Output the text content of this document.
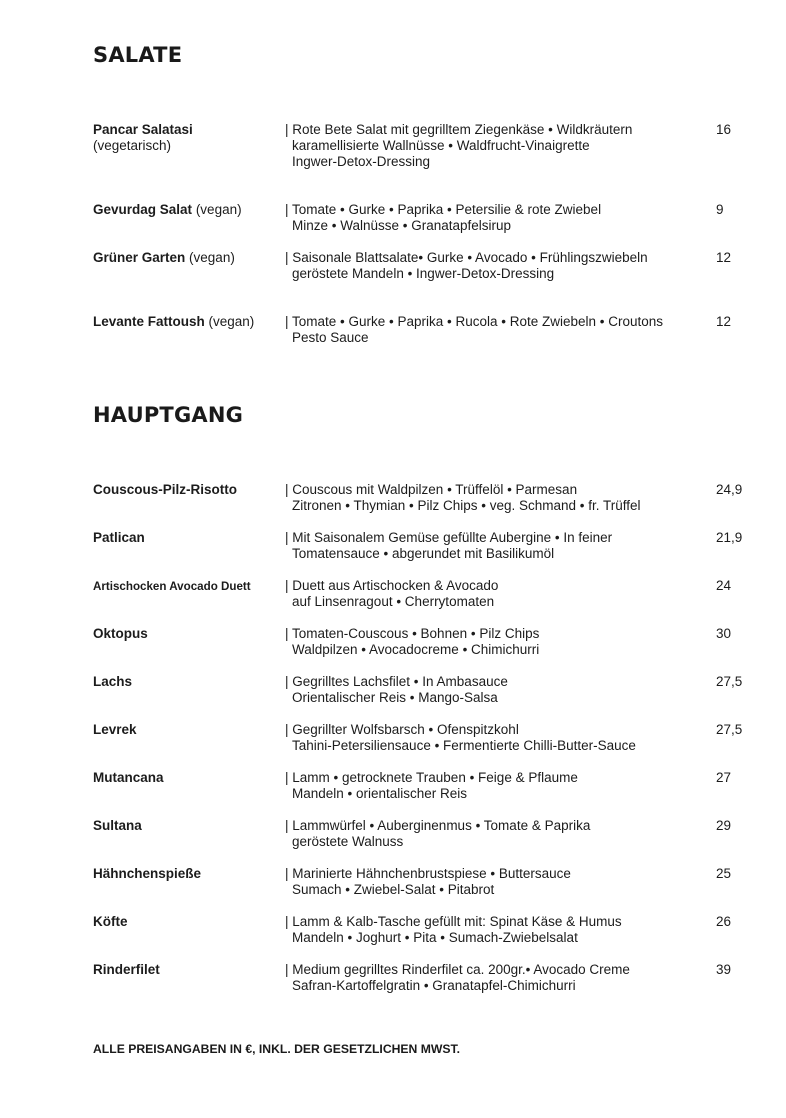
SALATE
Pancar Salatasi
(vegetarisch)
| Rote Bete Salat mit gegrilltem Ziegenkäse • Wildkräutern
karamellisierte Wallnüsse • Waldfrucht-Vinaigrette
Ingwer-Detox-Dressing
16
Gevurdag Salat (vegan)	| Tomate • Gurke • Paprika • Petersilie & rote Zwiebel
Minze • Walnüsse • Granatapfelsirup
9
Grüner Garten (vegan)	| Saisonale Blattsalate• Gurke • Avocado • Frühlingszwiebeln
geröstete Mandeln • Ingwer-Detox-Dressing
12
Levante Fattoush (vegan)	| Tomate • Gurke • Paprika • Rucola • Rote Zwiebeln • Croutons
Pesto Sauce
12
HAUPTGANG
Couscous-Pilz-Risotto	| Couscous mit Waldpilzen • Trüffelöl • Parmesan
Zitronen • Thymian • Pilz Chips • veg. Schmand • fr. Trüffel
24,9
Patlican	| Mit Saisonalem Gemüse gefüllte Aubergine • In feiner
Tomatensauce • abgerundet mit Basilikumöl
21,9
Artischocken Avocado Duett	| Duett aus Artischocken & Avocado
auf Linsenragout • Cherrytomaten
24
Oktopus	| Tomaten-Couscous • Bohnen • Pilz Chips
Waldpilzen • Avocadocreme • Chimichurri
30
Lachs	| Gegrilltes Lachsfilet • In Ambasauce
Orientalischer Reis • Mango-Salsa
27,5
Levrek	| Gegrillter Wolfsbarsch • Ofenspitzkohl
Tahini-Petersiliensauce • Fermentierte Chilli-Butter-Sauce
27,5
Mutancana	| Lamm • getrocknete Trauben • Feige & Pflaume
Mandeln • orientalischer Reis
27
Sultana	| Lammwürfel • Auberginenmus • Tomate & Paprika
geröstete Walnuss
29
Hähnchenspieße	| Marinierte Hähnchenbrustspiese • Buttersauce
Sumach • Zwiebel-Salat • Pitabrot
25
Köfte	| Lamm & Kalb-Tasche gefüllt mit: Spinat Käse & Humus
Mandeln • Joghurt • Pita • Sumach-Zwiebelsalat
26
Rinderfilet	| Medium gegrilltes Rinderfilet ca. 200gr.• Avocado Creme
Safran-Kartoffelgratin • Granatapfel-Chimichurri
39

ALLE PREISANGABEN IN €, INKL. DER GESETZLICHEN MWST.
